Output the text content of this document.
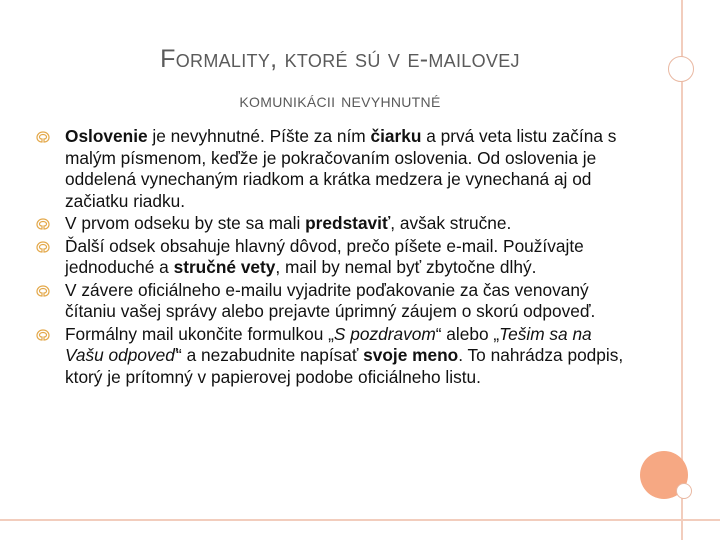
Formality, ktoré sú v e-mailovej
komunikácii nevyhnutné
Oslovenie je nevyhnutné. Píšte za ním čiarku a prvá veta listu začína s malým písmenom, keďže je pokračovaním oslovenia. Od oslovenia je oddelená vynechaným riadkom a krátka medzera je vynechaná aj od začiatku riadku.
V prvom odseku by ste sa mali predstaviť, avšak stručne.
Ďalší odsek obsahuje hlavný dôvod, prečo píšete e-mail. Používajte jednoduché a stručné vety, mail by nemal byť zbytočne dlhý.
V závere oficiálneho e-mailu vyjadrite poďakovanie za čas venovaný čítaniu vašej správy alebo prejavte úprimný záujem o skorú odpoveď.
Formálny mail ukončite formulkou „S pozdravom“ alebo „Tešim sa na Vašu odpoveď“ a nezabudnite napísať svoje meno. To nahrádza podpis, ktorý je prítomný v papierovej podobe oficiálneho listu.
